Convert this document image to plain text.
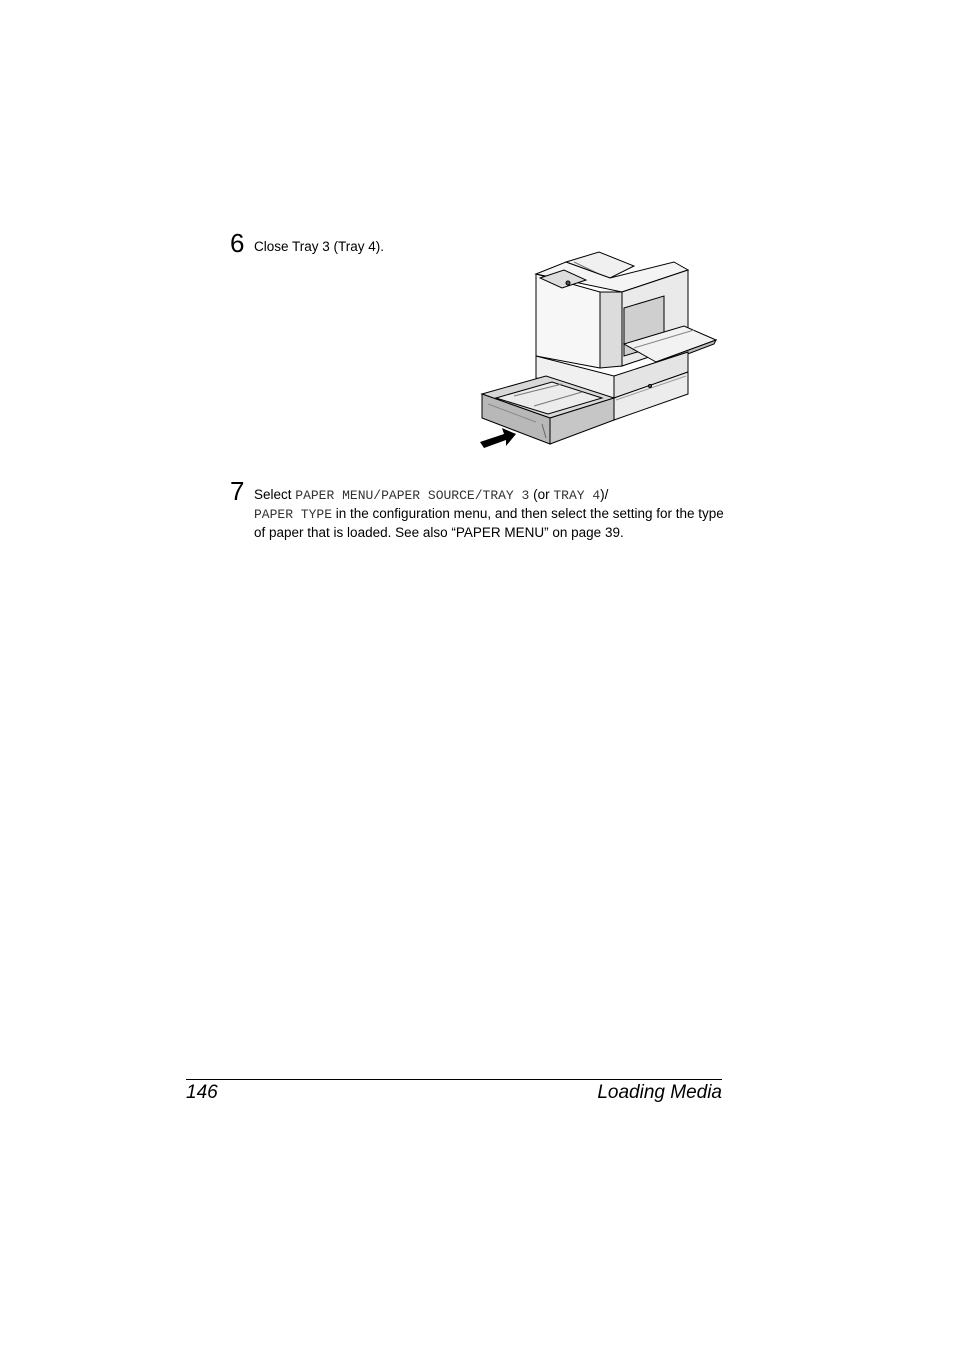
6 Close Tray 3 (Tray 4).
7 Select PAPER MENU/PAPER SOURCE/TRAY 3 (or TRAY 4)/
PAPER TYPE in the configuration menu, and then select the setting for the type of paper that is loaded. See also “PAPER MENU” on page 39.
146	Loading Media
